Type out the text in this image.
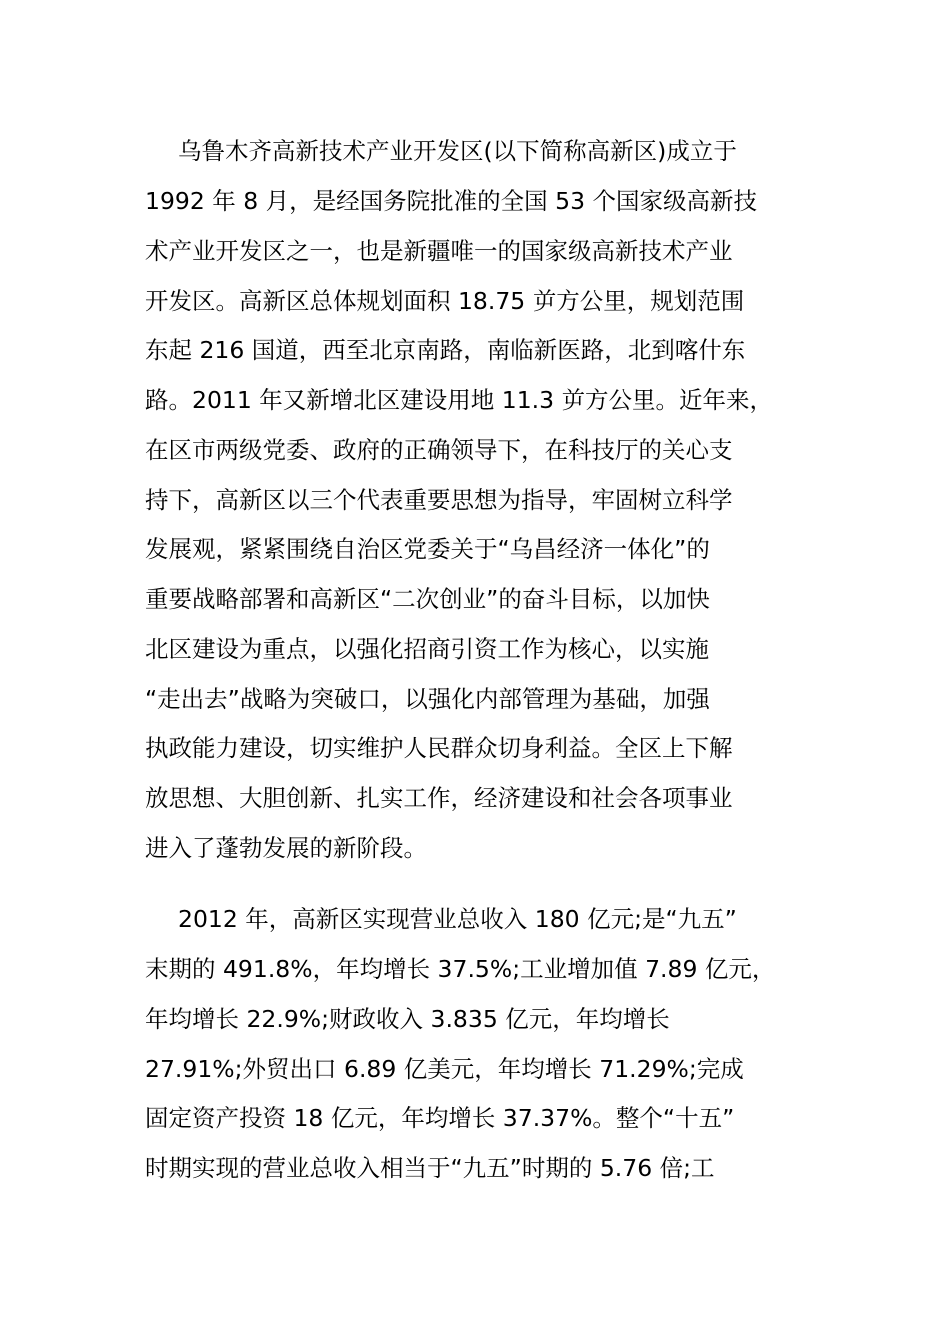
乌鲁木齐高新技术产业开发区(以下简称高新区)成立于
1992 年 8 月，是经国务院批准的全国 53 个国家级高新技
术产业开发区之一，也是新疆唯一的国家级高新技术产业
开发区。高新区总体规划面积 18.75 屰方公里，规划范围
东起 216 国道，西至北京南路，南临新医路，北到喀什东
路。2011 年又新增北区建设用地 11.3 屰方公里。近年来，
在区市两级党委、政府的正确领导下，在科技厅的关心支
持下，高新区以三个代表重要思想为指导，牢固树立科学
发展观，紧紧围绕自治区党委关于“乌昌经济一体化”的
重要战略部署和高新区“二次创业”的奋斗目标，以加快
北区建设为重点，以强化招商引资工作为核心，以实施
“走出去”战略为突破口，以强化内部管理为基础，加强
执政能力建设，切实维护人民群众切身利益。全区上下解
放思想、大胆创新、扎实工作，经济建设和社会各项事业
进入了蓬勃发展的新阶段。
2012 年，高新区实现营业总收入 180 亿元;是“九五”
末期的 491.8%，年均增长 37.5%;工业增加值 7.89 亿元，
年均增长 22.9%;财政收入 3.835 亿元，年均增长
27.91%;外贸出口 6.89 亿美元，年均增长 71.29%;完成
固定资产投资 18 亿元，年均增长 37.37%。整个“十五”
时期实现的营业总收入相当于“九五”时期的 5.76 倍;工
